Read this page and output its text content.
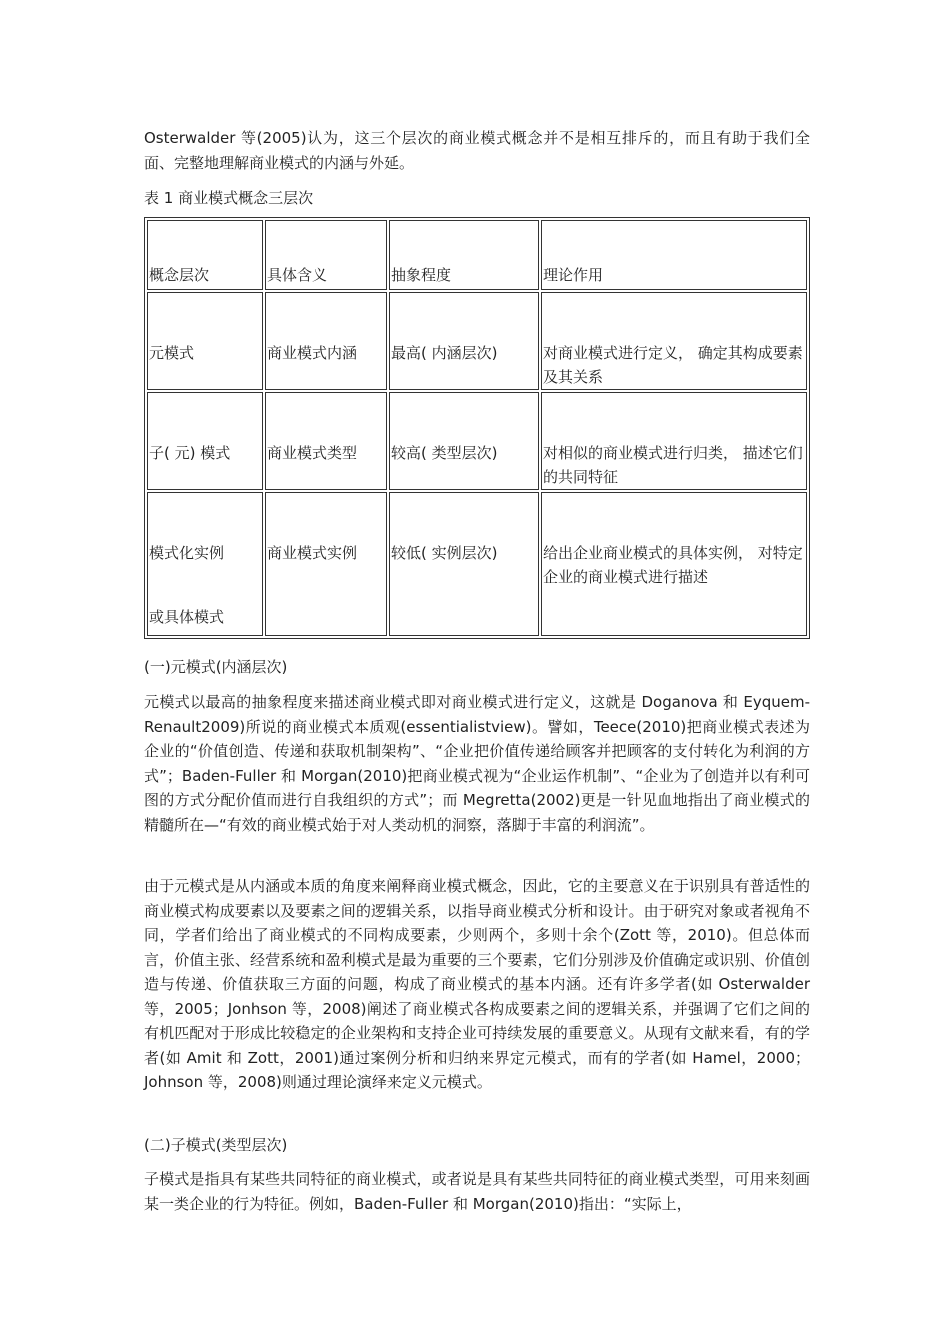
Osterwalder 等(2005)认为，这三个层次的商业模式概念并不是相互排斥的，而且有助于我们全面、完整地理解商业模式的内涵与外延。

表 1 商业模式概念三层次

概念层次	具体含义	抽象程度	理论作用

元模式	商业模式内涵	最高( 内涵层次)	对商业模式进行定义， 确定其构成要素及其关系

子( 元) 模式	商业模式类型	较高( 类型层次)	对相似的商业模式进行归类， 描述它们的共同特征

模式化实例
或具体模式	商业模式实例	较低( 实例层次)	给出企业商业模式的具体实例， 对特定企业的商业模式进行描述

(一)元模式(内涵层次)

元模式以最高的抽象程度来描述商业模式即对商业模式进行定义，这就是 Doganova 和 Eyquem-Renault2009)所说的商业模式本质观(essentialistview)。譬如，Teece(2010)把商业模式表述为企业的“价值创造、传递和获取机制架构”、“企业把价值传递给顾客并把顾客的支付转化为利润的方式”；Baden-Fuller 和 Morgan(2010)把商业模式视为“企业运作机制”、“企业为了创造并以有利可图的方式分配价值而进行自我组织的方式”；而 Megretta(2002)更是一针见血地指出了商业模式的精髓所在—“有效的商业模式始于对人类动机的洞察，落脚于丰富的利润流”。

由于元模式是从内涵或本质的角度来阐释商业模式概念，因此，它的主要意义在于识别具有普适性的商业模式构成要素以及要素之间的逻辑关系，以指导商业模式分析和设计。由于研究对象或者视角不同，学者们给出了商业模式的不同构成要素，少则两个，多则十余个(Zott 等，2010)。但总体而言，价值主张、经营系统和盈利模式是最为重要的三个要素，它们分别涉及价值确定或识别、价值创造与传递、价值获取三方面的问题，构成了商业模式的基本内涵。还有许多学者(如 Osterwalder 等，2005；Jonhson 等，2008)阐述了商业模式各构成要素之间的逻辑关系，并强调了它们之间的有机匹配对于形成比较稳定的企业架构和支持企业可持续发展的重要意义。从现有文献来看，有的学者(如 Amit 和 Zott，2001)通过案例分析和归纳来界定元模式，而有的学者(如 Hamel，2000；Johnson 等，2008)则通过理论演绎来定义元模式。

(二)子模式(类型层次)

子模式是指具有某些共同特征的商业模式，或者说是具有某些共同特征的商业模式类型，可用来刻画某一类企业的行为特征。例如，Baden-Fuller 和 Morgan(2010)指出：“实际上，
